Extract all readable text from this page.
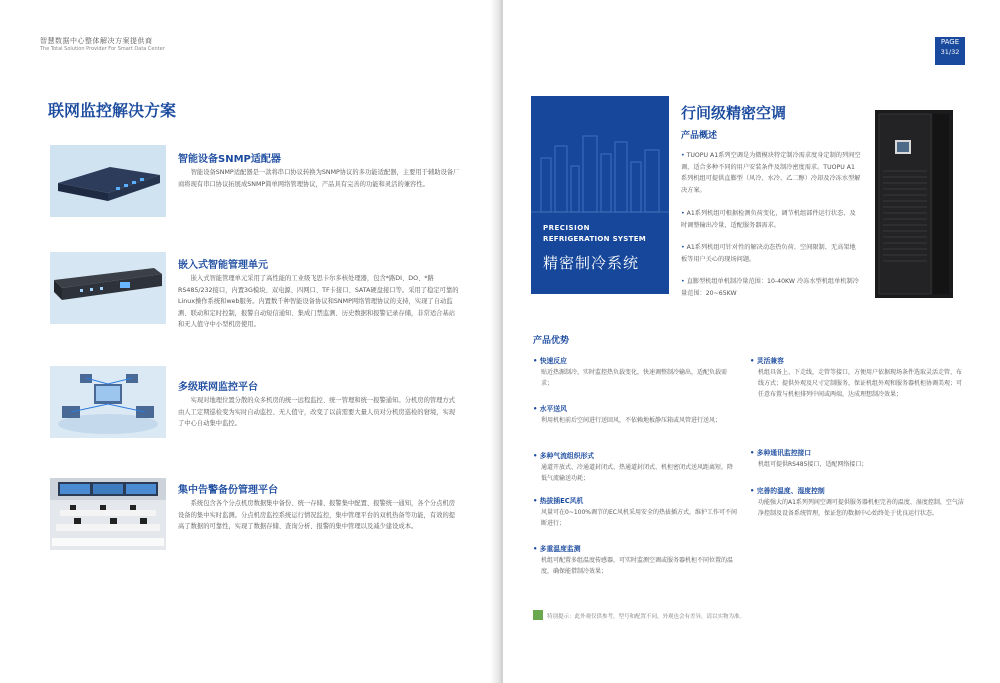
智慧数据中心整体解决方案提供商
The Total Solution Provider For Smart Data Center
联网监控解决方案
智能设备SNMP适配器
智能设备SNMP适配器是一款将串口协议转换为SNMP协议的多功能适配器，主要用于辅助设备厂商将现有串口协议拓展成SNMP简单网络管理协议，产品具有完善的功能和灵活的兼容性。
嵌入式智能管理单元
嵌入式智能管理单元采用了高性能的工业级飞思卡尔多核处理器，包含*路DI、DO、*路RS485/232接口，内置3G模块、双电源、四网口、TF卡接口、SATA硬盘接口等。采用了稳定可靠的Linux操作系统和web服务。内置数千种智能设备协议和SNMP网络管理协议的支持，实现了自动监测、联动和定时控制，报警自动短信通知、集成门禁监测、历史数据和报警记录存储，非常适合基站和无人值守中小型机房使用。
多级联网监控平台
实现对地理位置分散的众多机房的统一远程监控、统一管理和统一报警通知。分机房的管理方式由人工定期巡检变为实时自动监控、无人值守，改变了以前需要大量人员对分机房巡检的窘境，实现了中心自动集中监控。
集中告警备份管理平台
系统包含各个分点机房数据集中备份、统一存储、报警集中配置、报警统一通知，各个分点机房设备的集中实时监测。分点机房监控系统运行情况监控，集中管理平台的双机热备等功能，有效的提高了数据的可靠性，实现了数据存储、查询分析、报警的集中管理以及减少建设成本。
PAGE
31/32
PRECISION
REFRIGERATION SYSTEM
精密制冷系统
行间级精密空调
产品概述
• TUOPU A1系列空调是为微模块特定制冷需求度身定制的列间空调，适合多种不同的用户安装条件及制冷密度需求。TUOPU A1系列机组可提供直膨型（风冷、水冷、乙二醇）冷却及冷冻水型解决方案。
• A1系列机组可根据检测负荷变化，调节机组部件运行状态，及时调整输出冷量，适配服务器需求。
• A1系列机组可针对性的解决动态热负荷、空间限制、无高架地板等用户关心的现场问题。
• 直膨型机组单机制冷量范围：10-40KW 冷冻水型机组单机制冷量范围：20~65KW
产品优势
• 快速反应
贴近热源制冷，实时监控热负载变化，快速调整制冷输出，适配负载需求；
• 水平送风
利用机柜前后空间进行送回风，不依赖地板静压箱或风管进行送风；
• 多种气流组织形式
通道开放式、冷通道封闭式、热通道封闭式、机柜密闭式送风距离短，降低气流输送功耗；
• 热拔插EC风机
风量可在0~100%调节的EC风机采用安全的热拔插方式，维护工作可不间断进行；
• 多重温度监测
机组可配置多组温度传感器，可实时监测空调或服务器机柜不同位置的温度，确保能借制冷效果；
• 灵活兼容
机组具备上、下走线，走管等接口，方便用户依据现场条件选取灵活走管、布线方式；提供外观及尺寸定制服务，保证机组外观和服务器机柜协调美观；可任意布置与机柜排列中间或两端，达成理想制冷效果；
• 多种通讯监控接口
机组可提供RS485接口，适配网络接口；
• 完善的温度、湿度控制
功能强大的A1系列列间空调可提供服务器机柜完善的温度、湿度控制，空气洁净控制及设备系统管理，保证您的数据中心始终处于优良运行状态。
特别提示：此外观仅供参考，型号和配置不同，外观也会有差异，请以实物为准。
